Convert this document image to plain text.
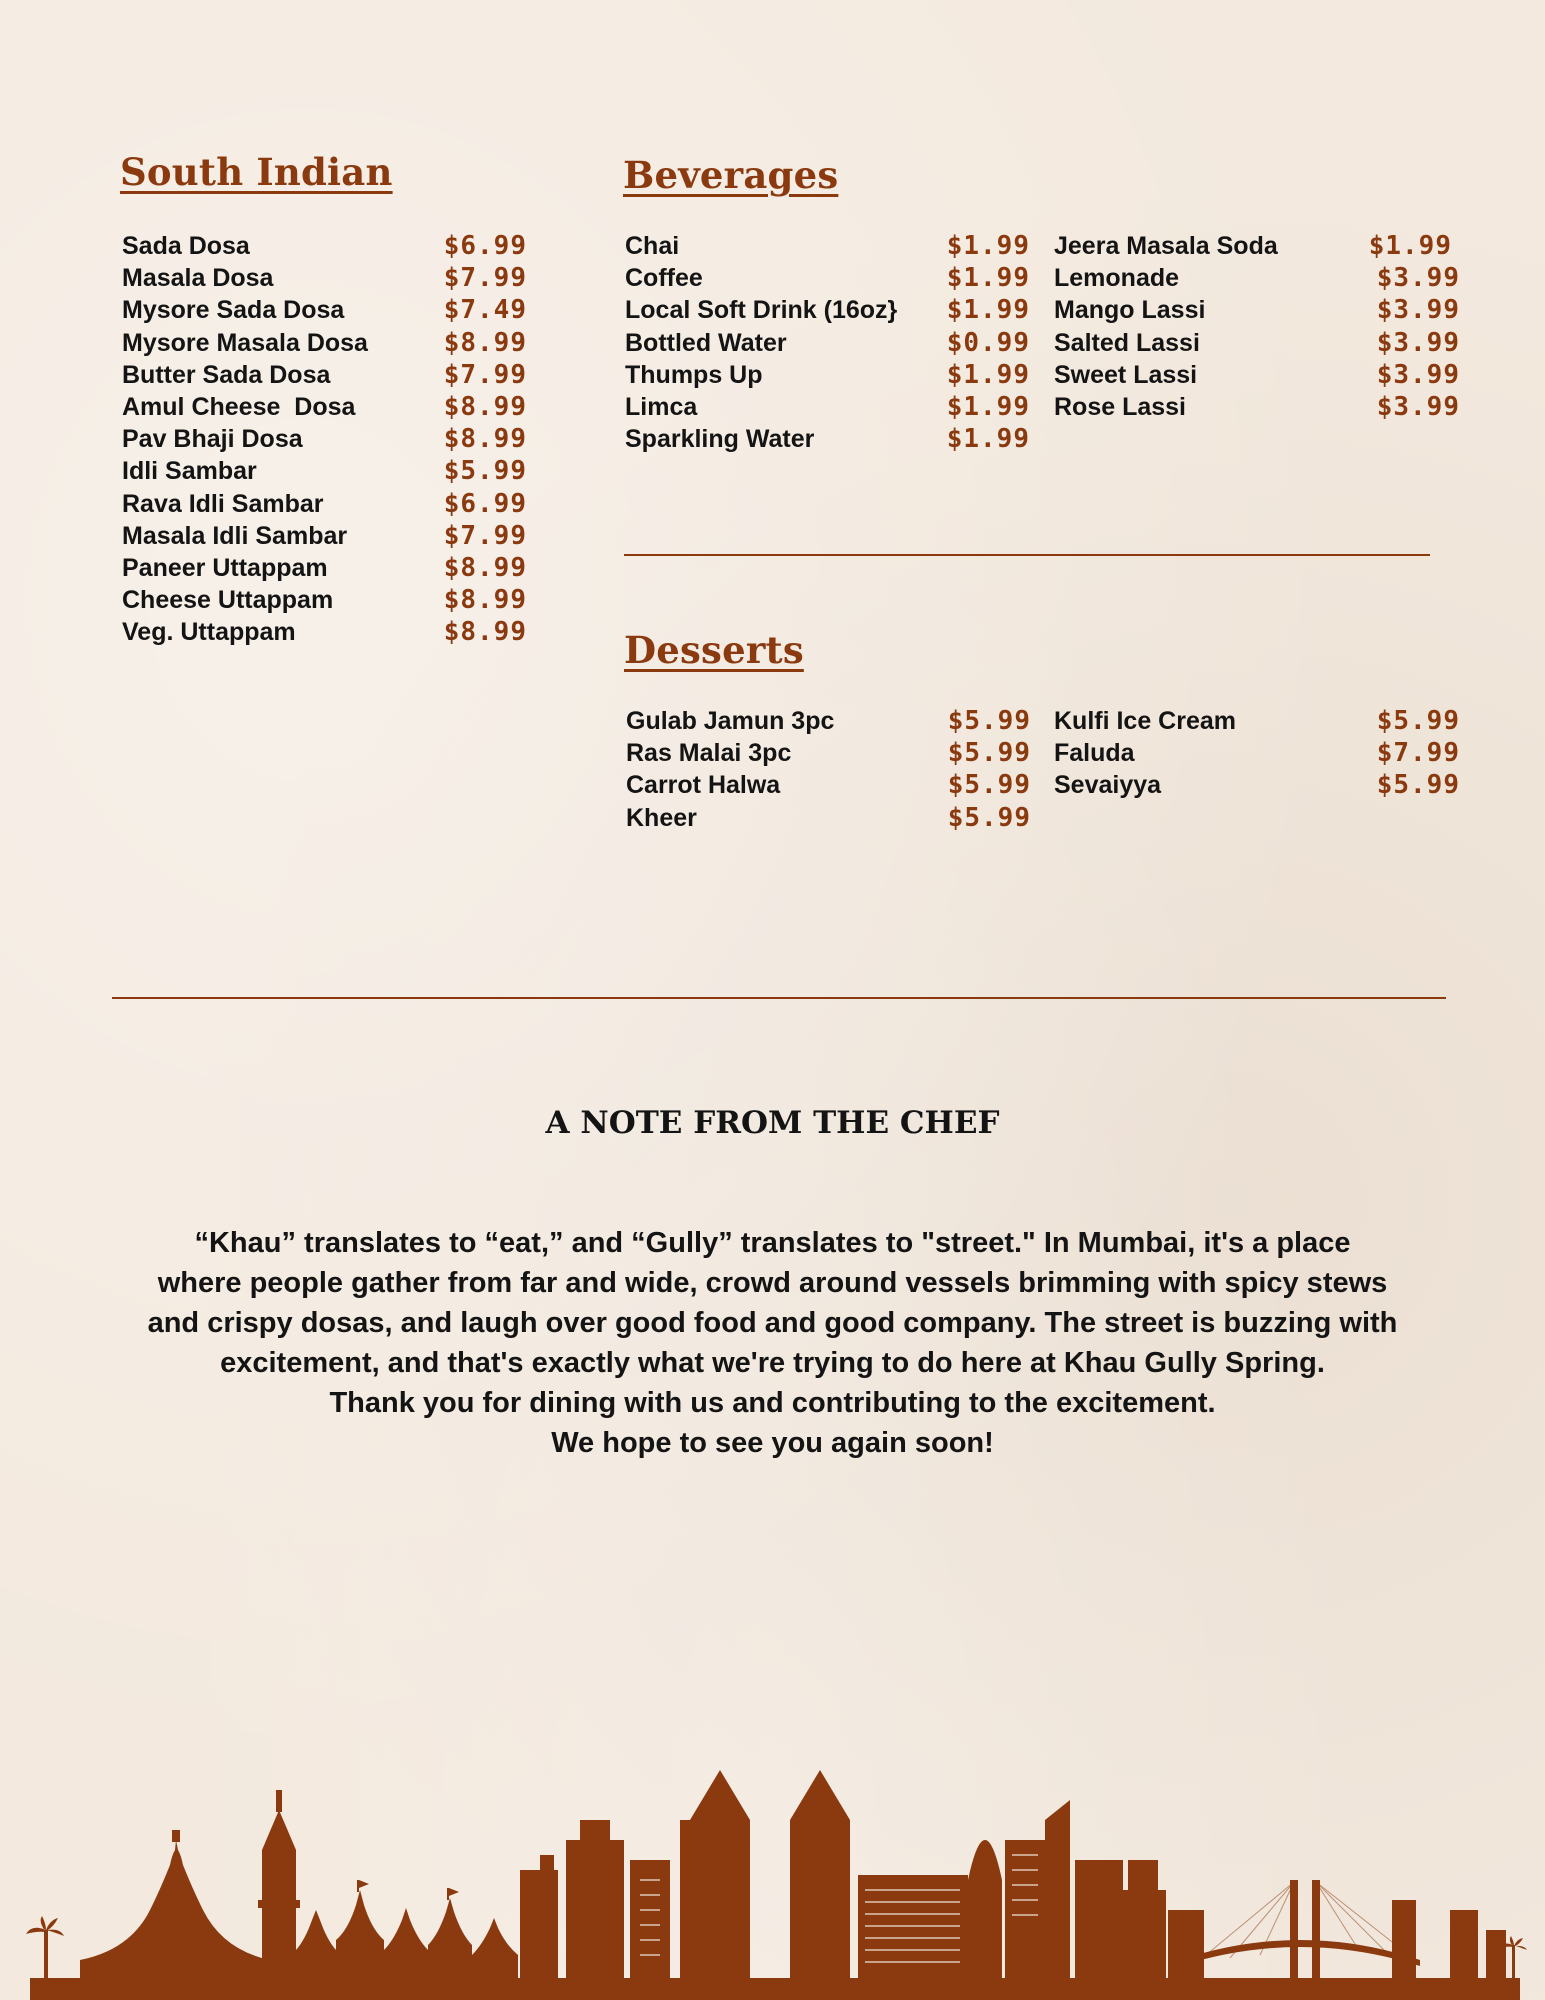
South Indian
Sada Dosa	$6.99
Masala Dosa	$7.99
Mysore Sada Dosa	$7.49
Mysore Masala Dosa	$8.99
Butter Sada Dosa	$7.99
Amul Cheese  Dosa	$8.99
Pav Bhaji Dosa	$8.99
Idli Sambar	$5.99
Rava Idli Sambar	$6.99
Masala Idli Sambar	$7.99
Paneer Uttappam	$8.99
Cheese Uttappam	$8.99
Veg. Uttappam	$8.99
Beverages
Chai	$1.99
Coffee	$1.99
Local Soft Drink (16oz} $1.99
Bottled Water	$0.99
Thumps Up	$1.99
Limca	$1.99
Sparkling Water	$1.99
Jeera Masala Soda	$1.99
Lemonade	$3.99
Mango Lassi	$3.99
Salted Lassi	$3.99
Sweet Lassi	$3.99
Rose Lassi	$3.99
Desserts
Gulab Jamun 3pc	$5.99
Ras Malai 3pc	$5.99
Carrot Halwa	$5.99
Kheer	$5.99
Kulfi Ice Cream	$5.99
Faluda	$7.99
Sevaiyya	$5.99
A NOTE FROM THE CHEF
“Khau” translates to “eat,” and “Gully” translates to "street." In Mumbai, it's a place
where people gather from far and wide, crowd around vessels brimming with spicy stews
and crispy dosas, and laugh over good food and good company. The street is buzzing with
excitement, and that's exactly what we're trying to do here at Khau Gully Spring.
Thank you for dining with us and contributing to the excitement.
We hope to see you again soon!
